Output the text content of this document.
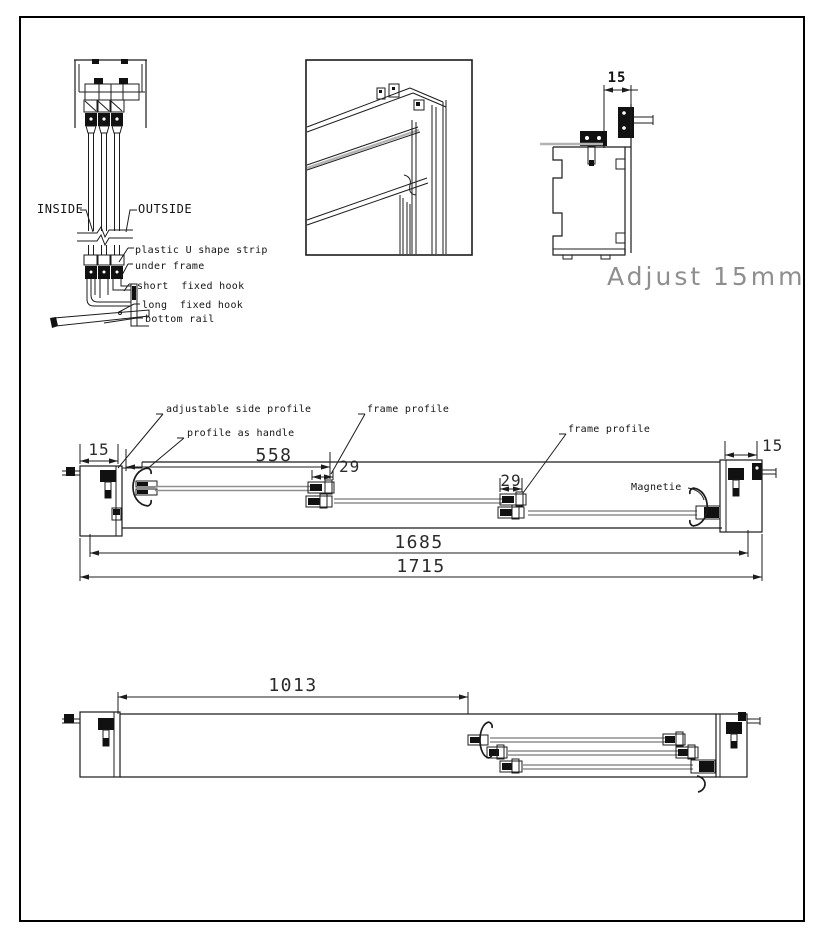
INSIDE	OUTSIDE
plastic U shape strip
under frame
short  fixed hook
long  fixed hook
bottom rail
15
Adjust 15mm
15	558
29
29
15
1685
1715
adjustable side profile
profile as handle
frame profile
frame profile
Magnetie
1013
